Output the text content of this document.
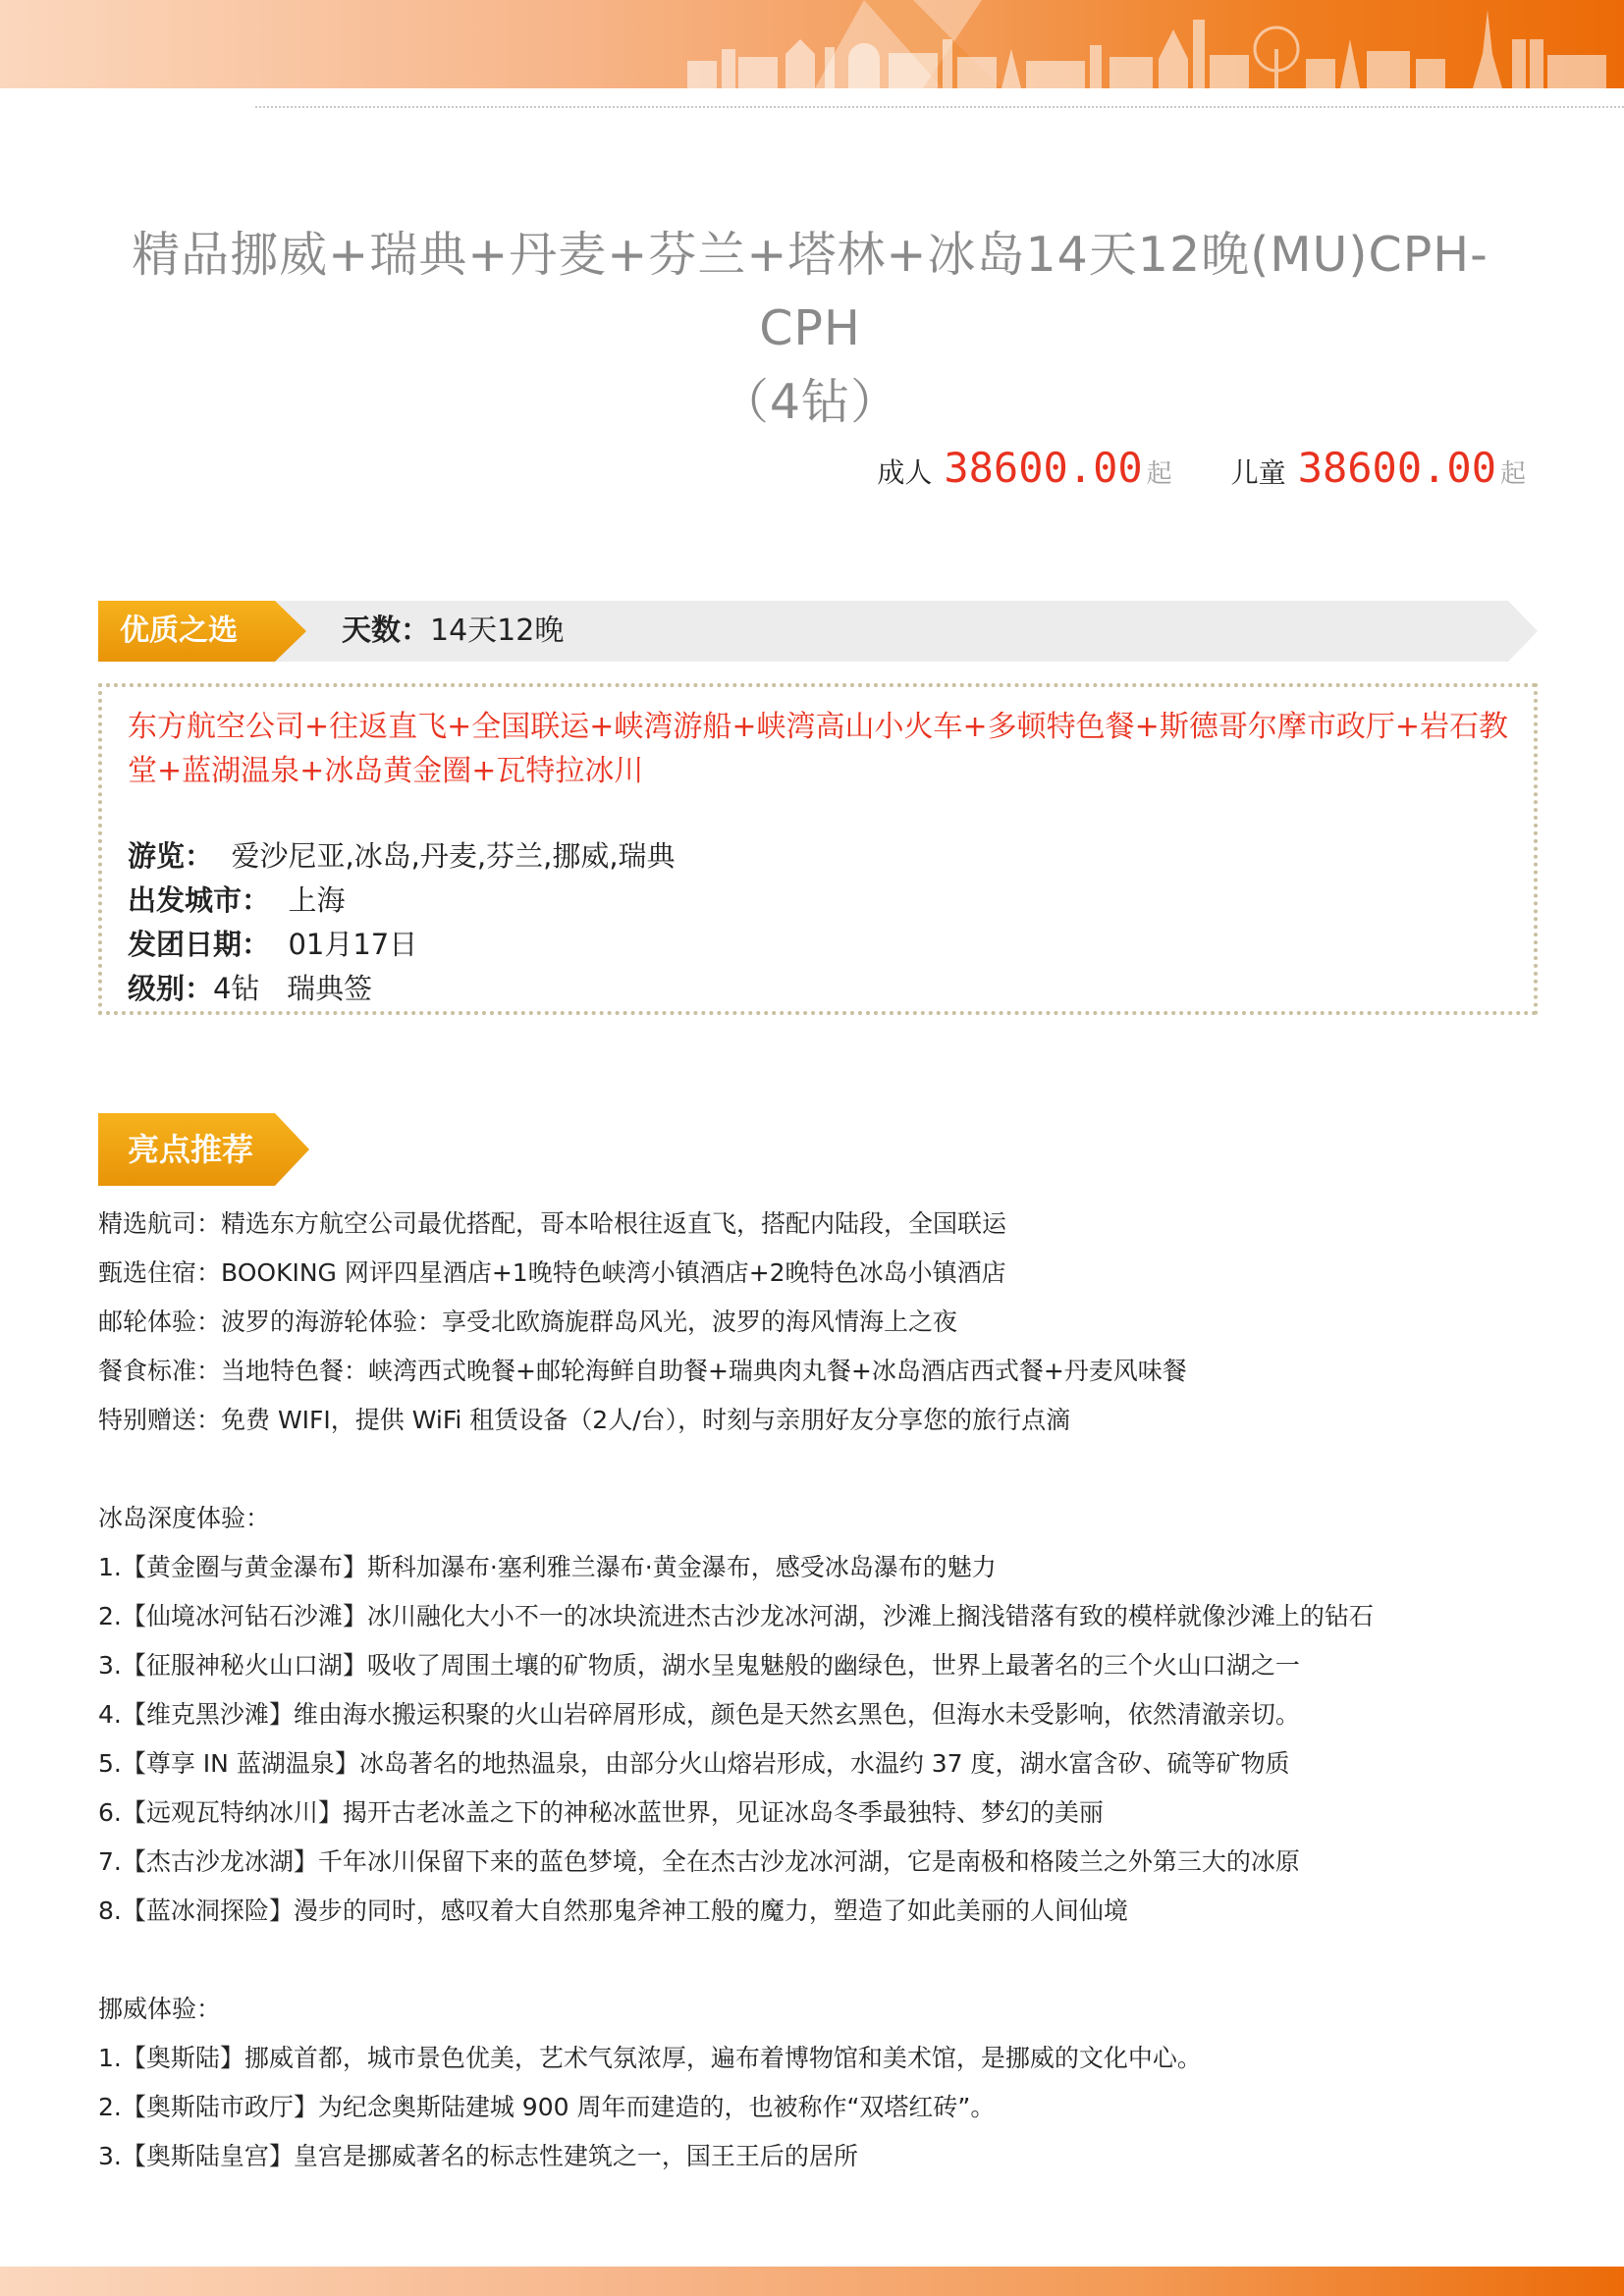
精品挪威+瑞典+丹麦+芬兰+塔林+冰岛14天12晚(MU)CPH-CPH
（4钻）
成人 38600.00 起 儿童 38600.00 起
优质之选	天数：14天12晚
东方航空公司+往返直飞+全国联运+峡湾游船+峡湾高山小火车+多顿特色餐+斯德哥尔摩市政厅+岩石教堂+蓝湖温泉+冰岛黄金圈+瓦特拉冰川
游览： 爱沙尼亚,冰岛,丹麦,芬兰,挪威,瑞典
出发城市： 上海
发团日期： 01月17日
级别：4钻 瑞典签
亮点推荐
精选航司：精选东方航空公司最优搭配，哥本哈根往返直飞，搭配内陆段，全国联运
甄选住宿：BOOKING 网评四星酒店+1晚特色峡湾小镇酒店+2晚特色冰岛小镇酒店
邮轮体验：波罗的海游轮体验：享受北欧旖旎群岛风光，波罗的海风情海上之夜
餐食标准：当地特色餐：峡湾西式晚餐+邮轮海鲜自助餐+瑞典肉丸餐+冰岛酒店西式餐+丹麦风味餐
特别赠送：免费 WIFI，提供 WiFi 租赁设备（2人/台），时刻与亲朋好友分享您的旅行点滴
冰岛深度体验：
1.【黄金圈与黄金瀑布】斯科加瀑布·塞利雅兰瀑布·黄金瀑布，感受冰岛瀑布的魅力
2.【仙境冰河钻石沙滩】冰川融化大小不一的冰块流进杰古沙龙冰河湖，沙滩上搁浅错落有致的模样就像沙滩上的钻石
3.【征服神秘火山口湖】吸收了周围土壤的矿物质，湖水呈鬼魅般的幽绿色，世界上最著名的三个火山口湖之一
4.【维克黑沙滩】维由海水搬运积聚的火山岩碎屑形成，颜色是天然玄黑色，但海水未受影响，依然清澈亲切。
5.【尊享 IN 蓝湖温泉】冰岛著名的地热温泉，由部分火山熔岩形成，水温约 37 度，湖水富含矽、硫等矿物质
6.【远观瓦特纳冰川】揭开古老冰盖之下的神秘冰蓝世界，见证冰岛冬季最独特、梦幻的美丽
7.【杰古沙龙冰湖】千年冰川保留下来的蓝色梦境，全在杰古沙龙冰河湖，它是南极和格陵兰之外第三大的冰原
8.【蓝冰洞探险】漫步的同时，感叹着大自然那鬼斧神工般的魔力，塑造了如此美丽的人间仙境
挪威体验：
1.【奥斯陆】挪威首都，城市景色优美，艺术气氛浓厚，遍布着博物馆和美术馆，是挪威的文化中心。
2.【奥斯陆市政厅】为纪念奥斯陆建城 900 周年而建造的，也被称作“双塔红砖”。
3.【奥斯陆皇宫】皇宫是挪威著名的标志性建筑之一，国王王后的居所
